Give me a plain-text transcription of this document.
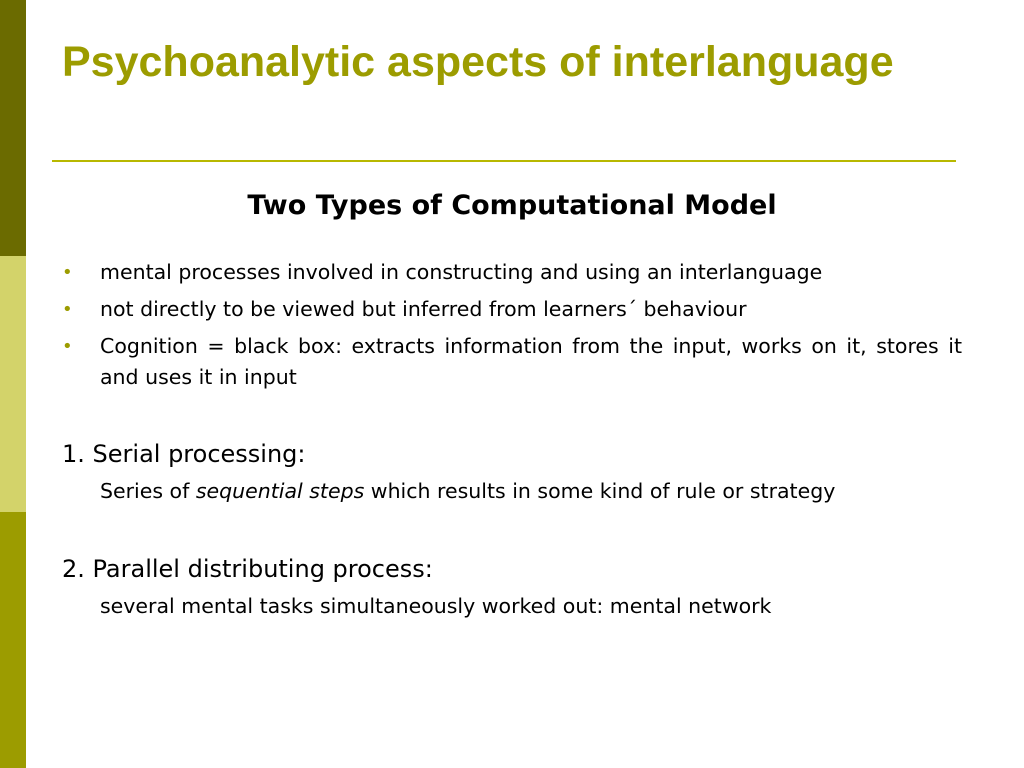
Psychoanalytic aspects of interlanguage
Two Types of Computational Model
• mental processes involved in constructing and using an interlanguage
• not directly to be viewed but inferred from learners´ behaviour
• Cognition = black box: extracts information from the input, works on it, stores it and uses it in input

1. Serial processing:

Series of sequential steps which results in some kind of rule or strategy

2. Parallel distributing process:

several mental tasks simultaneously worked out: mental network
